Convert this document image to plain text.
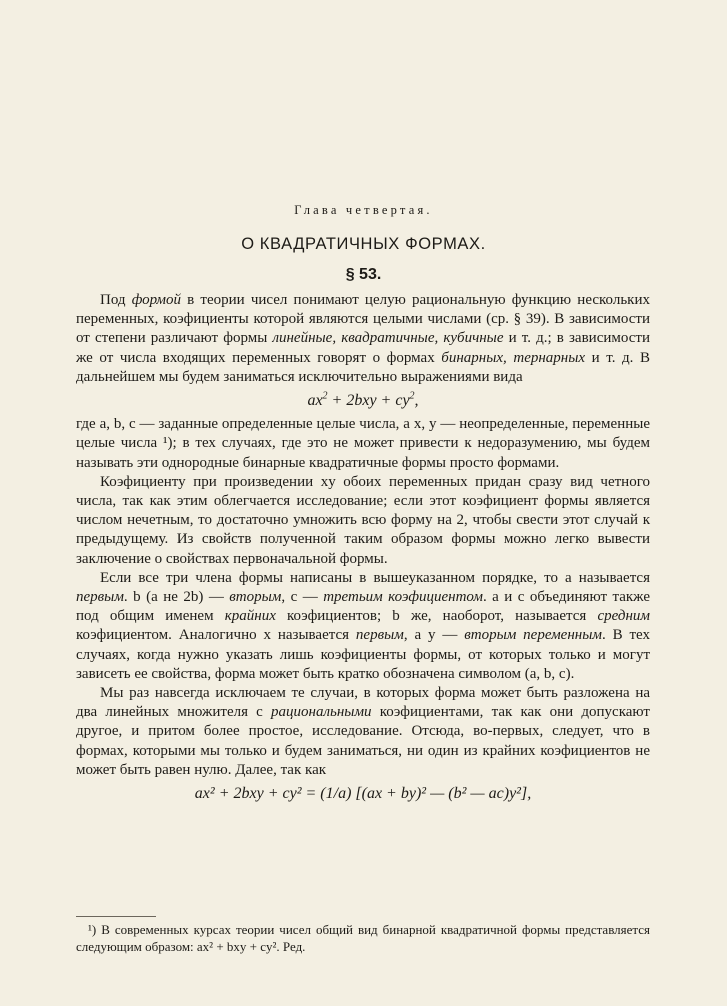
Глава четвертая.
О КВАДРАТИЧНЫХ ФОРМАХ.
§ 53.

Под формой в теории чисел понимают целую рациональную функцию нескольких переменных, коэфициенты которой являются целыми числами (ср. § 39). В зависимости от степени различают формы линейные, квадратичные, кубичные и т. д.; в зависимости же от числа входящих переменных говорят о формах бинарных, тернарных и т. д. В дальнейшем мы будем заниматься исключительно выражениями вида

$ax^2 + 2bxy + cy^2$,

где a, b, c — заданные определенные целые числа, а x, y — неопределенные, переменные целые числа ¹); в тех случаях, где это не может привести к недоразумению, мы будем называть эти однородные бинарные квадратичные формы просто формами.

Коэфициенту при произведении xy обоих переменных придан сразу вид четного числа, так как этим облегчается исследование; если этот коэфициент формы является числом нечетным, то достаточно умножить всю форму на 2, чтобы свести этот случай к предыдущему. Из свойств полученной таким образом формы можно легко вывести заключение о свойствах первоначальной формы.

Если все три члена формы написаны в вышеуказанном порядке, то a называется первым. b (а не 2b) — вторым, c — третьим коэфициентом. a и c объединяют также под общим именем крайних коэфициентов; b же, наоборот, называется средним коэфициентом. Аналогично x называется первым, а y — вторым переменным. В тех случаях, когда нужно указать лишь коэфициенты формы, от которых только и могут зависеть ее свойства, форма может быть кратко обозначена символом (a, b, c).

Мы раз навсегда исключаем те случаи, в которых форма может быть разложена на два линейных множителя с рациональными коэфициентами, так как они допускают другое, и притом более простое, исследование. Отсюда, во-первых, следует, что в формах, которыми мы только и будем заниматься, ни один из крайних коэфициентов не может быть равен нулю. Далее, так как

ax² + 2bxy + cy² = (1/a) [(ax + by)² — (b² — ac)y²],

¹) В современных курсах теории чисел общий вид бинарной квадратичной формы представляется следующим образом: ax² + bxy + cy². Ред.
